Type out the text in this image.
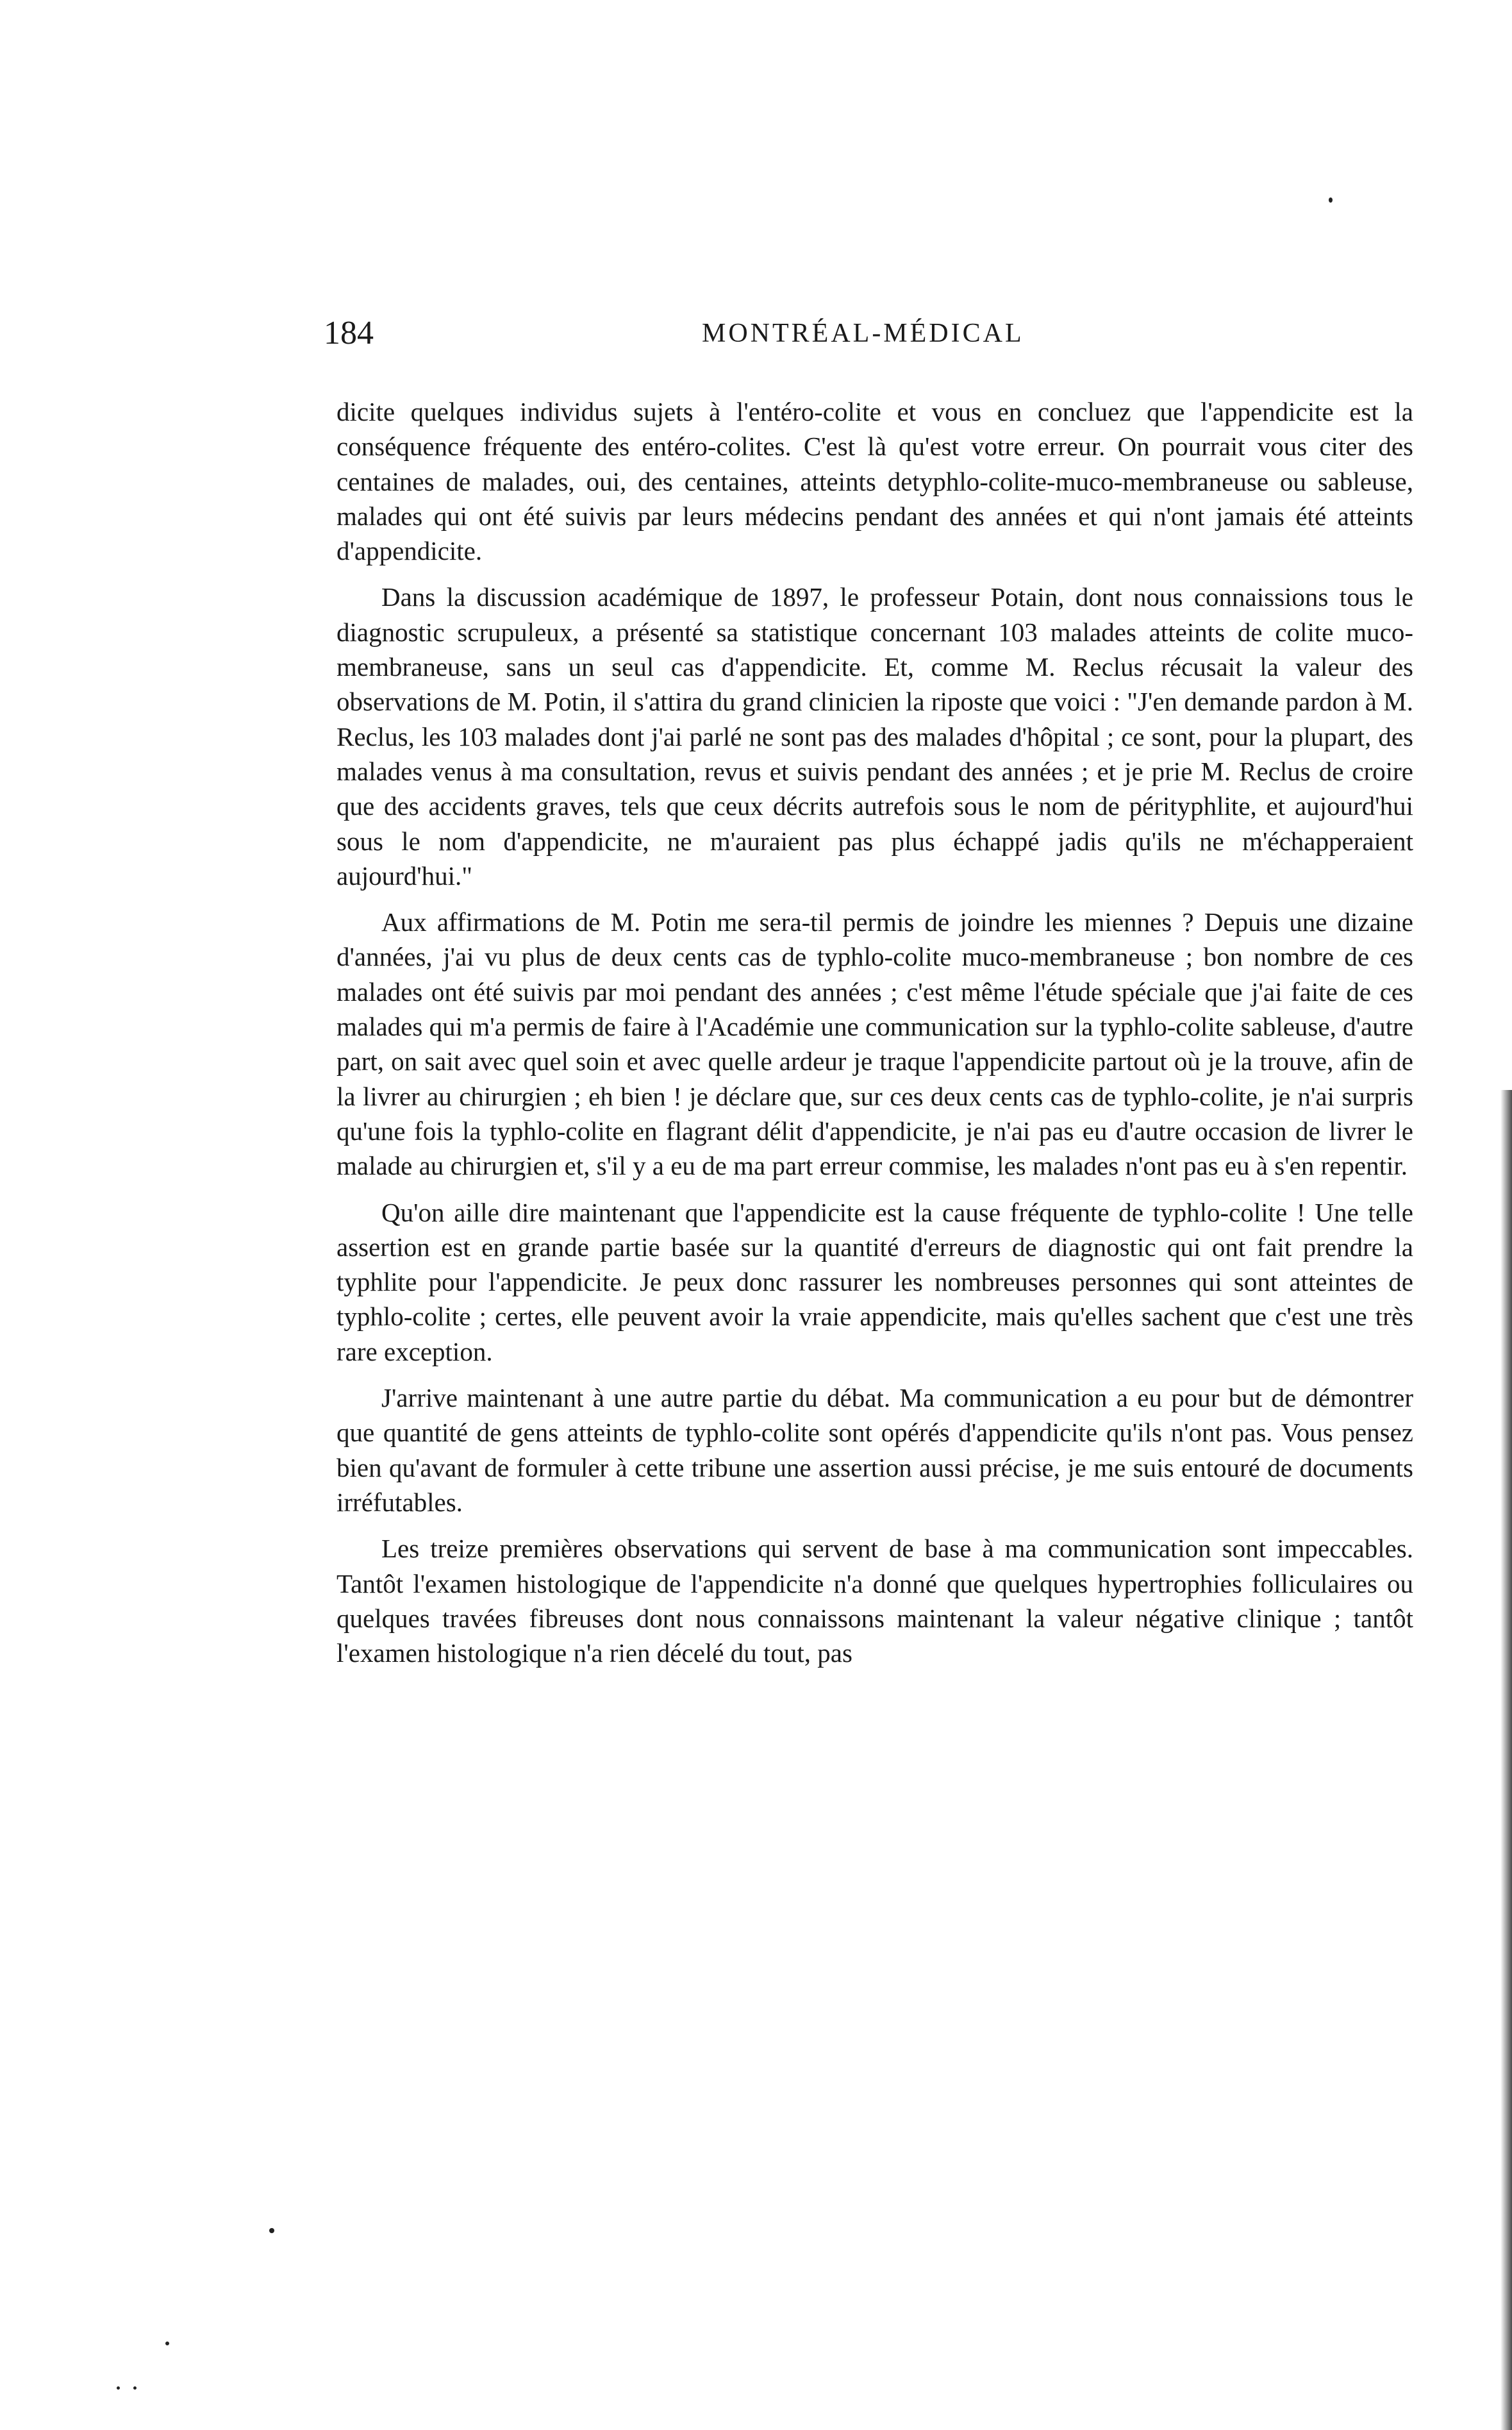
184	MONTRÉAL-MÉDICAL

dicite quelques individus sujets à l'entéro-colite et vous en concluez que l'appendicite est la conséquence fréquente des entéro-colites. C'est là qu'est votre erreur. On pourrait vous citer des centaines de malades, oui, des centaines, atteints detyphlo-colite-muco-membraneuse ou sableuse, malades qui ont été suivis par leurs médecins pendant des années et qui n'ont jamais été atteints d'appendicite.

Dans la discussion académique de 1897, le professeur Potain, dont nous connaissions tous le diagnostic scrupuleux, a présenté sa statistique concernant 103 malades atteints de colite muco-membraneuse, sans un seul cas d'appendicite. Et, comme M. Reclus récusait la valeur des observations de M. Potin, il s'attira du grand clinicien la riposte que voici : "J'en demande pardon à M. Reclus, les 103 malades dont j'ai parlé ne sont pas des malades d'hôpital ; ce sont, pour la plupart, des malades venus à ma consultation, revus et suivis pendant des années ; et je prie M. Reclus de croire que des accidents graves, tels que ceux décrits autrefois sous le nom de pérityphlite, et aujourd'hui sous le nom d'appendicite, ne m'auraient pas plus échappé jadis qu'ils ne m'échapperaient aujourd'hui."

Aux affirmations de M. Potin me sera-til permis de joindre les miennes ? Depuis une dizaine d'années, j'ai vu plus de deux cents cas de typhlo-colite muco-membraneuse ; bon nombre de ces malades ont été suivis par moi pendant des années ; c'est même l'étude spéciale que j'ai faite de ces malades qui m'a permis de faire à l'Académie une communication sur la typhlo-colite sableuse, d'autre part, on sait avec quel soin et avec quelle ardeur je traque l'appendicite partout où je la trouve, afin de la livrer au chirurgien ; eh bien ! je déclare que, sur ces deux cents cas de typhlo-colite, je n'ai surpris qu'une fois la typhlo-colite en flagrant délit d'appendicite, je n'ai pas eu d'autre occasion de livrer le malade au chirurgien et, s'il y a eu de ma part erreur commise, les malades n'ont pas eu à s'en repentir.

Qu'on aille dire maintenant que l'appendicite est la cause fréquente de typhlo-colite ! Une telle assertion est en grande partie basée sur la quantité d'erreurs de diagnostic qui ont fait prendre la typhlite pour l'appendicite. Je peux donc rassurer les nombreuses personnes qui sont atteintes de typhlo-colite ; certes, elle peuvent avoir la vraie appendicite, mais qu'elles sachent que c'est une très rare exception.

J'arrive maintenant à une autre partie du débat. Ma communication a eu pour but de démontrer que quantité de gens atteints de typhlo-colite sont opérés d'appendicite qu'ils n'ont pas. Vous pensez bien qu'avant de formuler à cette tribune une assertion aussi précise, je me suis entouré de documents irréfutables.

Les treize premières observations qui servent de base à ma communication sont impeccables. Tantôt l'examen histologique de l'appendicite n'a donné que quelques hypertrophies folliculaires ou quelques travées fibreuses dont nous connaissons maintenant la valeur négative clinique ; tantôt l'examen histologique n'a rien décelé du tout, pas
